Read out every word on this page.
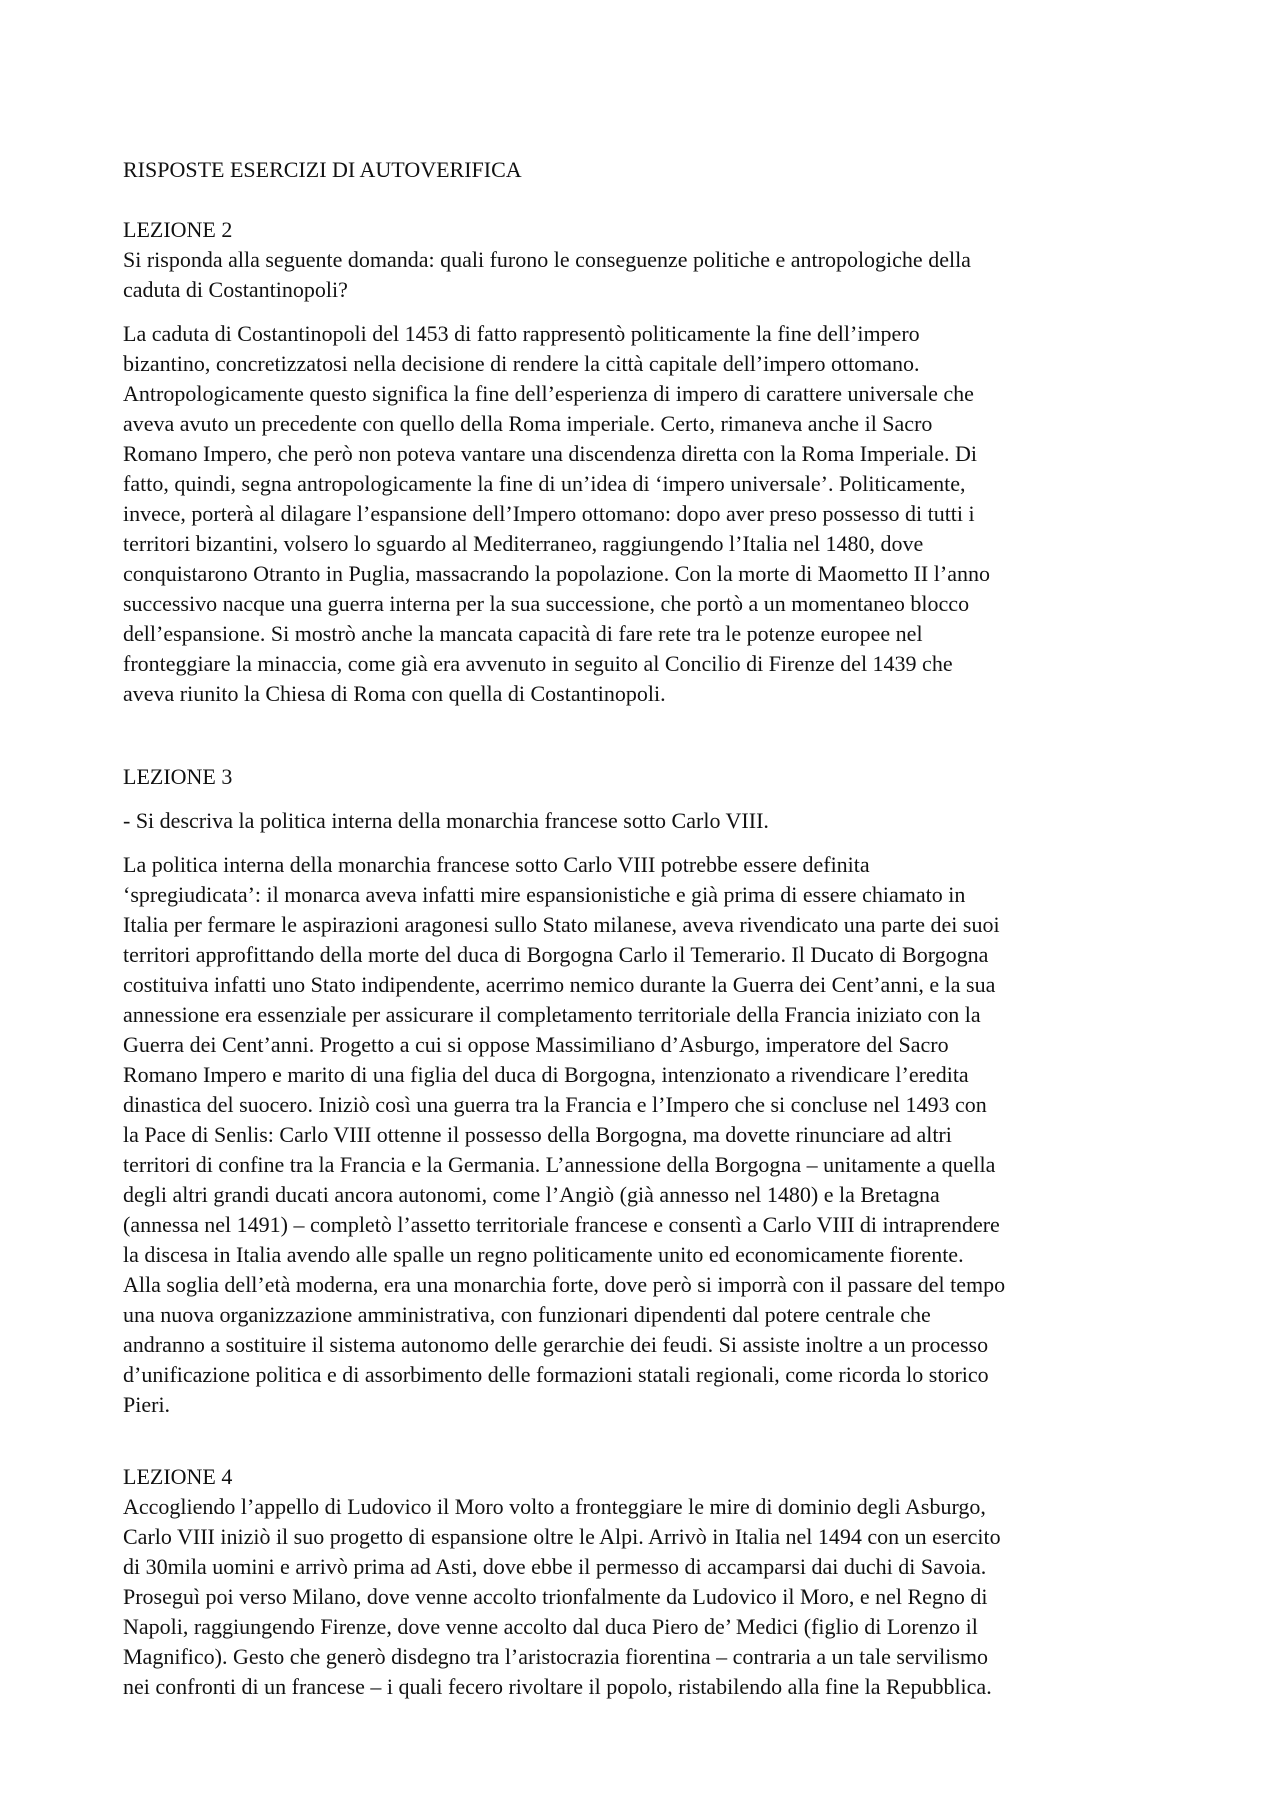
RISPOSTE ESERCIZI DI AUTOVERIFICA
LEZIONE 2
Si risponda alla seguente domanda: quali furono le conseguenze politiche e antropologiche della
caduta di Costantinopoli?
La caduta di Costantinopoli del 1453 di fatto rappresentò politicamente la fine dell’impero
bizantino, concretizzatosi nella decisione di rendere la città capitale dell’impero ottomano.
Antropologicamente questo significa la fine dell’esperienza di impero di carattere universale che
aveva avuto un precedente con quello della Roma imperiale. Certo, rimaneva anche il Sacro
Romano Impero, che però non poteva vantare una discendenza diretta con la Roma Imperiale. Di
fatto, quindi, segna antropologicamente la fine di un’idea di ‘impero universale’. Politicamente,
invece, porterà al dilagare l’espansione dell’Impero ottomano: dopo aver preso possesso di tutti i
territori bizantini, volsero lo sguardo al Mediterraneo, raggiungendo l’Italia nel 1480, dove
conquistarono Otranto in Puglia, massacrando la popolazione. Con la morte di Maometto II l’anno
successivo nacque una guerra interna per la sua successione, che portò a un momentaneo blocco
dell’espansione. Si mostrò anche la mancata capacità di fare rete tra le potenze europee nel
fronteggiare la minaccia, come già era avvenuto in seguito al Concilio di Firenze del 1439 che
aveva riunito la Chiesa di Roma con quella di Costantinopoli.
LEZIONE 3
- Si descriva la politica interna della monarchia francese sotto Carlo VIII.
La politica interna della monarchia francese sotto Carlo VIII potrebbe essere definita
‘spregiudicata’: il monarca aveva infatti mire espansionistiche e già prima di essere chiamato in
Italia per fermare le aspirazioni aragonesi sullo Stato milanese, aveva rivendicato una parte dei suoi
territori approfittando della morte del duca di Borgogna Carlo il Temerario. Il Ducato di Borgogna
costituiva infatti uno Stato indipendente, acerrimo nemico durante la Guerra dei Cent’anni, e la sua
annessione era essenziale per assicurare il completamento territoriale della Francia iniziato con la
Guerra dei Cent’anni. Progetto a cui si oppose Massimiliano d’Asburgo, imperatore del Sacro
Romano Impero e marito di una figlia del duca di Borgogna, intenzionato a rivendicare l’eredita
dinastica del suocero. Iniziò così una guerra tra la Francia e l’Impero che si concluse nel 1493 con
la Pace di Senlis: Carlo VIII ottenne il possesso della Borgogna, ma dovette rinunciare ad altri
territori di confine tra la Francia e la Germania. L’annessione della Borgogna – unitamente a quella
degli altri grandi ducati ancora autonomi, come l’Angiò (già annesso nel 1480) e la Bretagna
(annessa nel 1491) – completò l’assetto territoriale francese e consentì a Carlo VIII di intraprendere
la discesa in Italia avendo alle spalle un regno politicamente unito ed economicamente fiorente.
Alla soglia dell’età moderna, era una monarchia forte, dove però si imporrà con il passare del tempo
una nuova organizzazione amministrativa, con funzionari dipendenti dal potere centrale che
andranno a sostituire il sistema autonomo delle gerarchie dei feudi. Si assiste inoltre a un processo
d’unificazione politica e di assorbimento delle formazioni statali regionali, come ricorda lo storico
Pieri.
LEZIONE 4
Accogliendo l’appello di Ludovico il Moro volto a fronteggiare le mire di dominio degli Asburgo,
Carlo VIII iniziò il suo progetto di espansione oltre le Alpi. Arrivò in Italia nel 1494 con un esercito
di 30mila uomini e arrivò prima ad Asti, dove ebbe il permesso di accamparsi dai duchi di Savoia.
Proseguì poi verso Milano, dove venne accolto trionfalmente da Ludovico il Moro, e nel Regno di
Napoli, raggiungendo Firenze, dove venne accolto dal duca Piero de’ Medici (figlio di Lorenzo il
Magnifico). Gesto che generò disdegno tra l’aristocrazia fiorentina – contraria a un tale servilismo
nei confronti di un francese – i quali fecero rivoltare il popolo, ristabilendo alla fine la Repubblica.
